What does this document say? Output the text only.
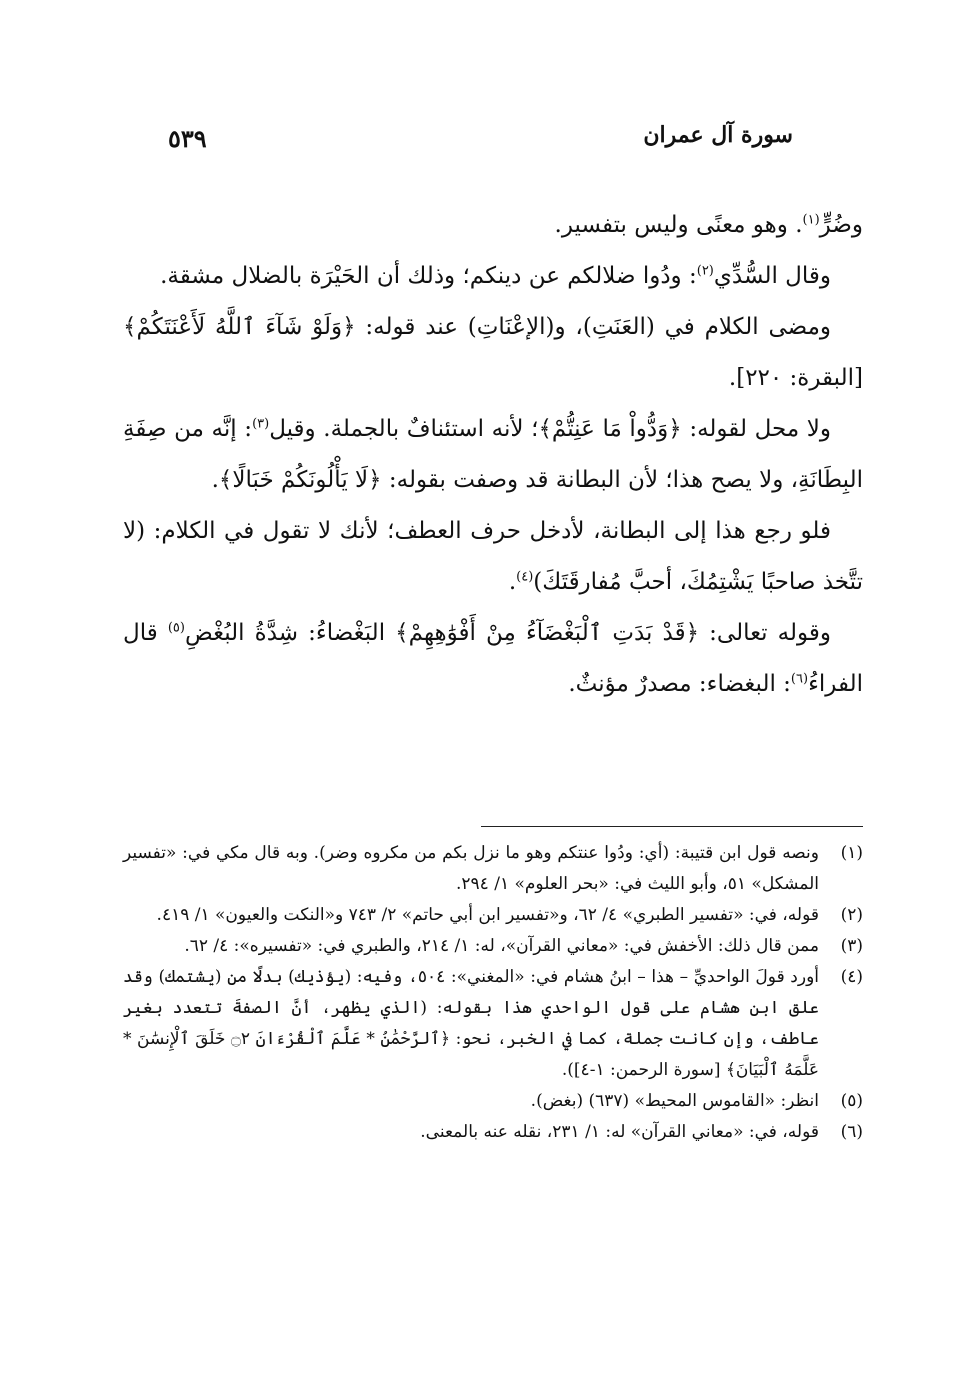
سورة آل عمران
٥٣٩

وضُرٍّ$^{(١)}$. وهو معنًى وليس بتفسير.

وقال السُّدِّي$^{(٢)}$: ودُوا ضلالكم عن دينكم؛ وذلك أن الحَيْرَة بالضلال مشقة.

ومضى الكلام في (العَنَتِ)، و(الإعْنَاتِ) عند قوله: ﴿وَلَوْ شَآءَ ٱللَّهُ لَأَعْنَتَكُمْ﴾ [البقرة: ٢٢٠].

ولا محل لقوله: ﴿وَدُّواْ مَا عَنِتُّمْ﴾؛ لأنه استئنافٌ بالجملة. وقيل$^{(٣)}$: إنَّه من صِفَةِ البِطَانَةِ، ولا يصح هذا؛ لأن البطانة قد وصفت بقوله: ﴿لَا يَأْلُونَكُمْ خَبَالًا﴾.

فلو رجع هذا إلى البطانة، لأدخل حرف العطف؛ لأنك لا تقول في الكلام: (لا تتَّخذ صاحبًا يَشْتِمُكَ، أحبَّ مُفارقَتَكَ)$^{(٤)}$.

وقوله تعالى: ﴿قَدْ بَدَتِ ٱلْبَغْضَآءُ مِنْ أَفْوَٰهِهِمْ﴾ البَغْضاءُ: شِدَّةُ البُغْضِ$^{(٥)}$ قال الفراءُ$^{(٦)}$: البغضاء: مصدرٌ مؤنثٌ.

(١)
ونصه قول ابن قتيبة: (أي: ودُوا عنتكم وهو ما نزل بكم من مكروه وضر). وبه قال مكي في: «تفسير المشكل» ٥١، وأبو الليث في: «بحر العلوم» ١/ ٢٩٤.
(٢)
قوله، في: «تفسير الطبري» ٤/ ٦٢، و«تفسير ابن أبي حاتم» ٢/ ٧٤٣ و«النكت والعيون» ١/ ٤١٩.
(٣)
ممن قال ذلك: الأخفش في: «معاني القرآن»، له: ١/ ٢١٤، والطبري في: «تفسيره»: ٤/ ٦٢.
(٤)
أورد قولَ الواحديِّ – هذا – ابنُ هشام في: «المغني»: ٥٠٤، وفيه: (يؤذيك) بدلًا من (يشتمك) وقد علق ابن هشام على قول الواحدي هذا بقوله: (الذي يظهر، أنَّ الصفةَ تتعدد بغير عاطف، وإن كانت جملة، كما في الخبر، نحو: ﴿ٱلرَّحْمَٰنُ * عَلَّمَ ٱلْقُرْءَانَ ۝٢ خَلَقَ ٱلْإِنسَٰنَ * عَلَّمَهُ ٱلْبَيَانَ﴾ [سورة الرحمن: ١-٤]).
(٥)
انظر: «القاموس المحيط» (٦٣٧) (بغض).
(٦)
قوله، في: «معاني القرآن» له: ١/ ٢٣١، نقله عنه بالمعنى.
